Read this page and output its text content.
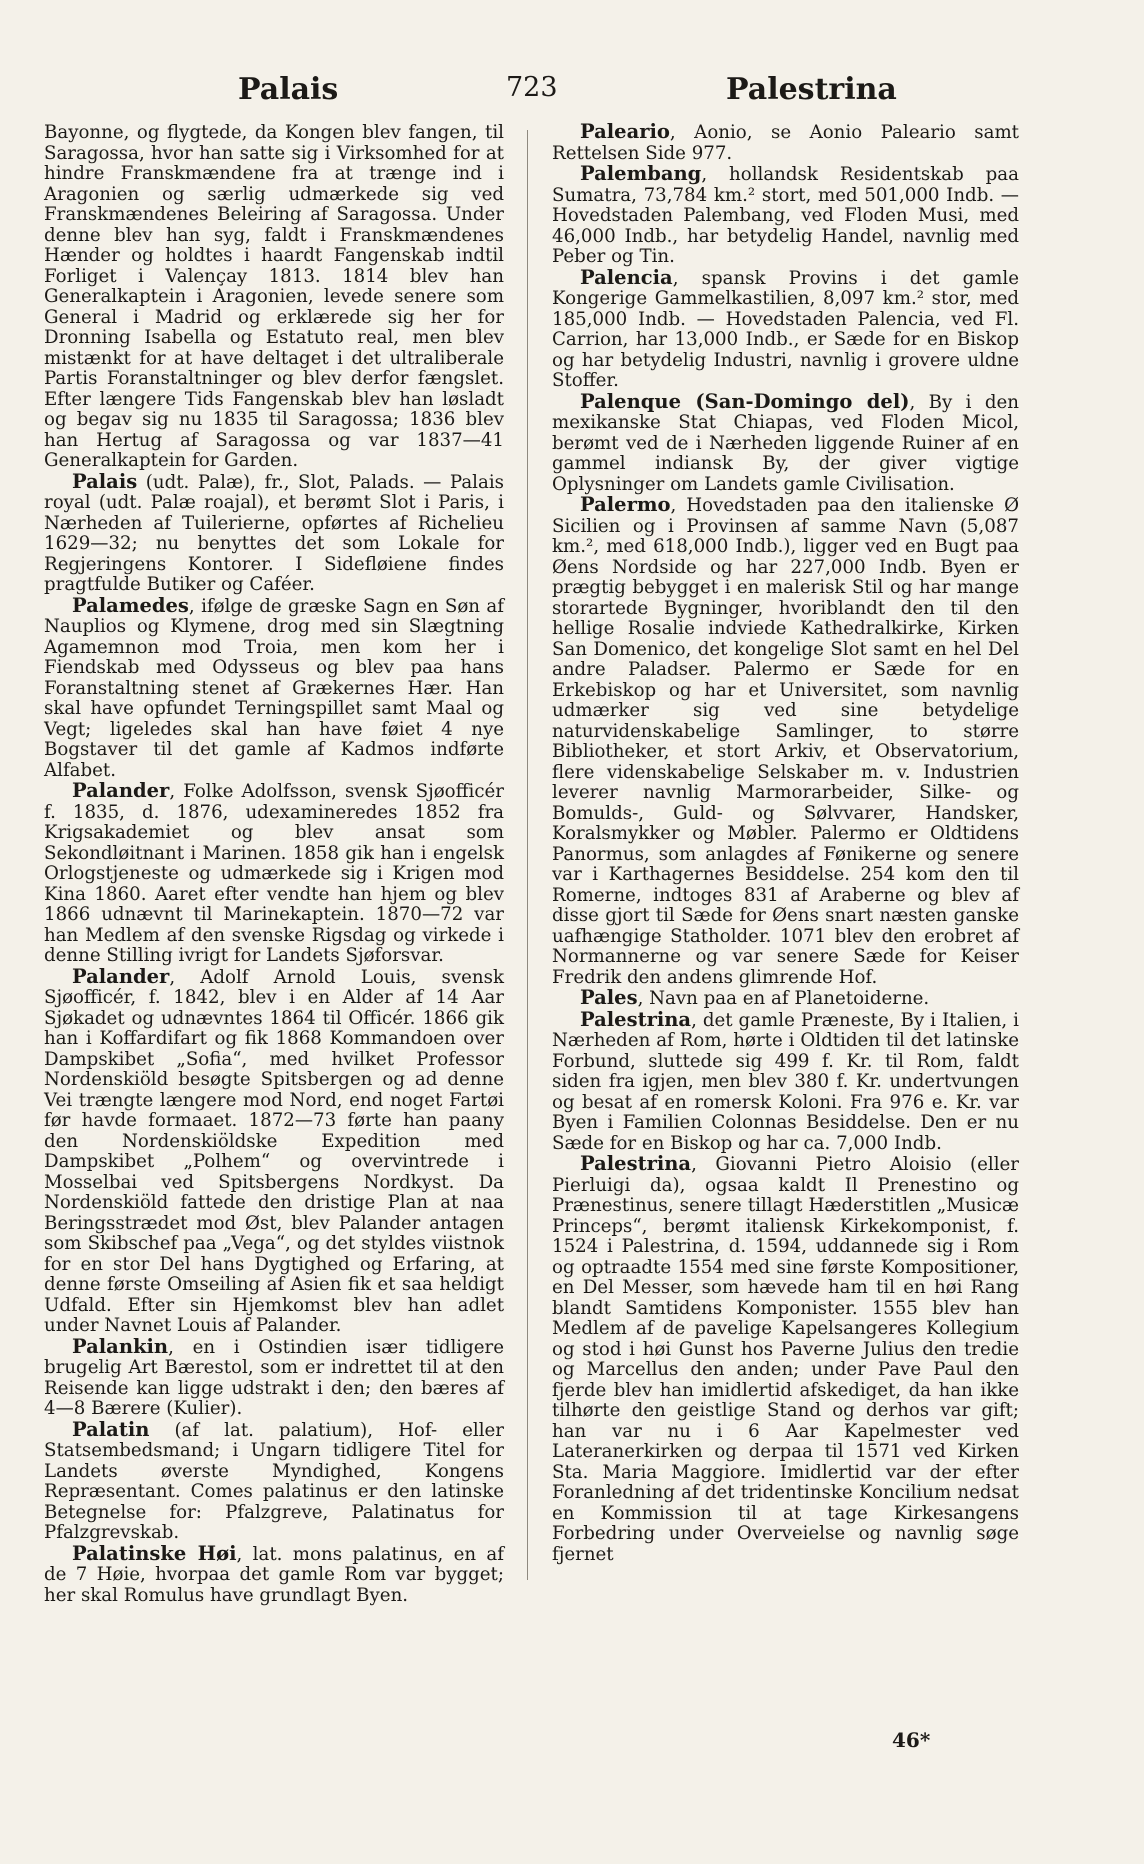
Palais	723	Palestrina

Bayonne, og flygtede, da Kongen blev fangen, til Saragossa, hvor han satte sig i Virksomhed for at hindre Franskmændene fra at trænge ind i Aragonien og særlig udmærkede sig ved Franskmændenes Beleiring af Saragossa. Under denne blev han syg, faldt i Franskmændenes Hænder og holdtes i haardt Fangenskab indtil Forliget i Valençay 1813. 1814 blev han Generalkaptein i Aragonien, levede senere som General i Madrid og erklærede sig her for Dronning Isabella og Estatuto real, men blev mistænkt for at have deltaget i det ultraliberale Partis Foranstaltninger og blev derfor fængslet. Efter længere Tids Fangenskab blev han løsladt og begav sig nu 1835 til Saragossa; 1836 blev han Hertug af Saragossa og var 1837—41 Generalkaptein for Garden.

Palais (udt. Palæ), fr., Slot, Palads. — Palais royal (udt. Palæ roajal), et berømt Slot i Paris, i Nærheden af Tuilerierne, opførtes af Richelieu 1629—32; nu benyttes det som Lokale for Regjeringens Kontorer. I Sidefløiene findes pragtfulde Butiker og Caféer.

Palamedes, ifølge de græske Sagn en Søn af Nauplios og Klymene, drog med sin Slægtning Agamemnon mod Troia, men kom her i Fiendskab med Odysseus og blev paa hans Foranstaltning stenet af Grækernes Hær. Han skal have opfundet Terningspillet samt Maal og Vegt; ligeledes skal han have føiet 4 nye Bogstaver til det gamle af Kadmos indførte Alfabet.

Palander, Folke Adolfsson, svensk Sjøofficér f. 1835, d. 1876, udexamineredes 1852 fra Krigsakademiet og blev ansat som Sekondløitnant i Marinen. 1858 gik han i engelsk Orlogstjeneste og udmærkede sig i Krigen mod Kina 1860. Aaret efter vendte han hjem og blev 1866 udnævnt til Marinekaptein. 1870—72 var han Medlem af den svenske Rigsdag og virkede i denne Stilling ivrigt for Landets Sjøforsvar.

Palander, Adolf Arnold Louis, svensk Sjøofficér, f. 1842, blev i en Alder af 14 Aar Sjøkadet og udnævntes 1864 til Officér. 1866 gik han i Koffardifart og fik 1868 Kommandoen over Dampskibet „Sofia“, med hvilket Professor Nordenskiöld besøgte Spitsbergen og ad denne Vei trængte længere mod Nord, end noget Fartøi før havde formaaet. 1872—73 førte han paany den Nordenskiöldske Expedition med Dampskibet „Polhem“ og overvintrede i Mosselbai ved Spitsbergens Nordkyst. Da Nordenskiöld fattede den dristige Plan at naa Beringsstrædet mod Øst, blev Palander antagen som Skibschef paa „Vega“, og det styldes viistnok for en stor Del hans Dygtighed og Erfaring, at denne første Omseiling af Asien fik et saa heldigt Udfald. Efter sin Hjemkomst blev han adlet under Navnet Louis af Palander.

Palankin, en i Ostindien især tidligere brugelig Art Bærestol, som er indrettet til at den Reisende kan ligge udstrakt i den; den bæres af 4—8 Bærere (Kulier).

Palatin (af lat. palatium), Hof- eller Statsembedsmand; i Ungarn tidligere Titel for Landets øverste Myndighed, Kongens Repræsentant. Comes palatinus er den latinske Betegnelse for: Pfalzgreve, Palatinatus for Pfalzgrevskab.

Palatinske Høi, lat. mons palatinus, en af de 7 Høie, hvorpaa det gamle Rom var bygget; her skal Romulus have grundlagt Byen.

Paleario, Aonio, se Aonio Paleario samt Rettelsen Side 977.

Palembang, hollandsk Residentskab paa Sumatra, 73,784 km.² stort, med 501,000 Indb. — Hovedstaden Palembang, ved Floden Musi, med 46,000 Indb., har betydelig Handel, navnlig med Peber og Tin.

Palencia, spansk Provins i det gamle Kongerige Gammelkastilien, 8,097 km.² stor, med 185,000 Indb. — Hovedstaden Palencia, ved Fl. Carrion, har 13,000 Indb., er Sæde for en Biskop og har betydelig Industri, navnlig i grovere uldne Stoffer.

Palenque (San-Domingo del), By i den mexikanske Stat Chiapas, ved Floden Micol, berømt ved de i Nærheden liggende Ruiner af en gammel indiansk By, der giver vigtige Oplysninger om Landets gamle Civilisation.

Palermo, Hovedstaden paa den italienske Ø Sicilien og i Provinsen af samme Navn (5,087 km.², med 618,000 Indb.), ligger ved en Bugt paa Øens Nordside og har 227,000 Indb. Byen er prægtig bebygget i en malerisk Stil og har mange storartede Bygninger, hvoriblandt den til den hellige Rosalie indviede Kathedralkirke, Kirken San Domenico, det kongelige Slot samt en hel Del andre Paladser. Palermo er Sæde for en Erkebiskop og har et Universitet, som navnlig udmærker sig ved sine betydelige naturvidenskabelige Samlinger, to større Bibliotheker, et stort Arkiv, et Observatorium, flere videnskabelige Selskaber m. v. Industrien leverer navnlig Marmorarbeider, Silke- og Bomulds-, Guld- og Sølvvarer, Handsker, Koralsmykker og Møbler. Palermo er Oldtidens Panormus, som anlagdes af Fønikerne og senere var i Karthagernes Besiddelse. 254 kom den til Romerne, indtoges 831 af Araberne og blev af disse gjort til Sæde for Øens snart næsten ganske uafhængige Statholder. 1071 blev den erobret af Normannerne og var senere Sæde for Keiser Fredrik den andens glimrende Hof.

Pales, Navn paa en af Planetoiderne.

Palestrina, det gamle Præneste, By i Italien, i Nærheden af Rom, hørte i Oldtiden til det latinske Forbund, sluttede sig 499 f. Kr. til Rom, faldt siden fra igjen, men blev 380 f. Kr. undertvungen og besat af en romersk Koloni. Fra 976 e. Kr. var Byen i Familien Colonnas Besiddelse. Den er nu Sæde for en Biskop og har ca. 7,000 Indb.

Palestrina, Giovanni Pietro Aloisio (eller Pierluigi da), ogsaa kaldt Il Prenestino og Prænestinus, senere tillagt Hæderstitlen „Musicæ Princeps“, berømt italiensk Kirkekomponist, f. 1524 i Palestrina, d. 1594, uddannede sig i Rom og optraadte 1554 med sine første Kompositioner, en Del Messer, som hævede ham til en høi Rang blandt Samtidens Komponister. 1555 blev han Medlem af de pavelige Kapelsangeres Kollegium og stod i høi Gunst hos Paverne Julius den tredie og Marcellus den anden; under Pave Paul den fjerde blev han imidlertid afskediget, da han ikke tilhørte den geistlige Stand og derhos var gift; han var nu i 6 Aar Kapelmester ved Lateranerkirken og derpaa til 1571 ved Kirken Sta. Maria Maggiore. Imidlertid var der efter Foranledning af det tridentinske Koncilium nedsat en Kommission til at tage Kirkesangens Forbedring under Overveielse og navnlig søge fjernet

46*
